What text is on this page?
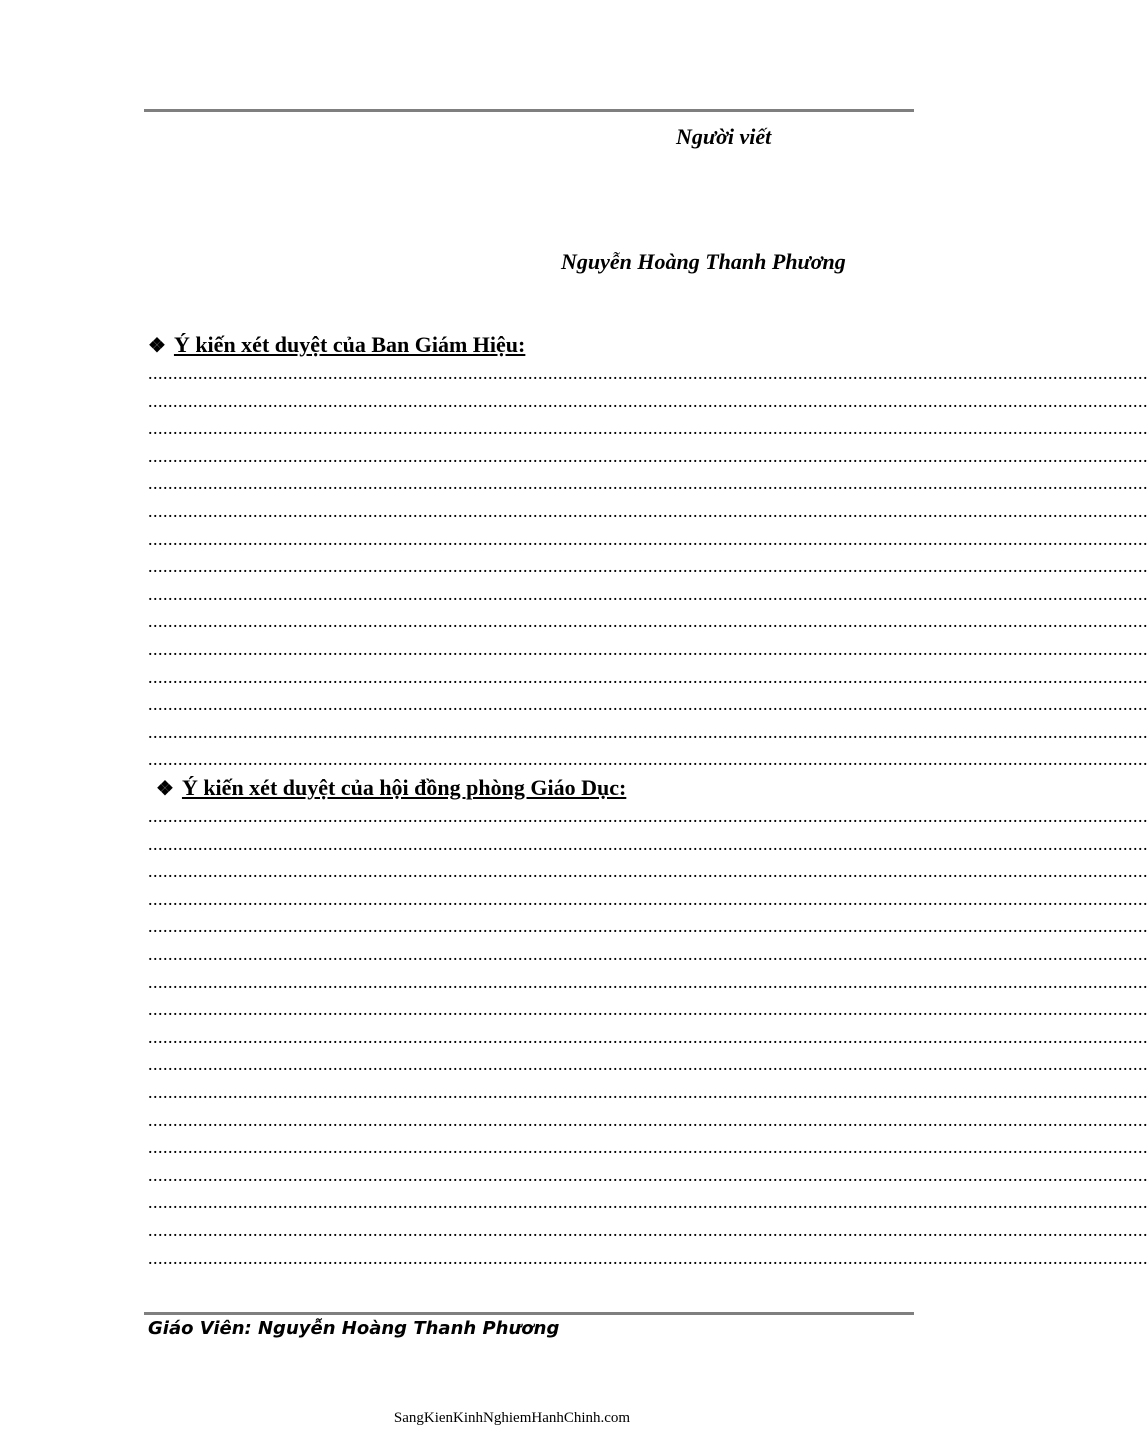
Người viết
Nguyễn Hoàng Thanh Phương
❖ Ý kiến xét duyệt của Ban Giám Hiệu:
........................................................................................................................................................................................................
........................................................................................................................................................................................................
........................................................................................................................................................................................................
........................................................................................................................................................................................................
........................................................................................................................................................................................................
........................................................................................................................................................................................................
........................................................................................................................................................................................................
........................................................................................................................................................................................................
........................................................................................................................................................................................................
........................................................................................................................................................................................................
........................................................................................................................................................................................................
........................................................................................................................................................................................................
........................................................................................................................................................................................................
........................................................................................................................................................................................................
........................................................................................................................................................................................................
❖ Ý kiến xét duyệt của hội đồng phòng Giáo Dục:
........................................................................................................................................................................................................
........................................................................................................................................................................................................
........................................................................................................................................................................................................
........................................................................................................................................................................................................
........................................................................................................................................................................................................
........................................................................................................................................................................................................
........................................................................................................................................................................................................
........................................................................................................................................................................................................
........................................................................................................................................................................................................
........................................................................................................................................................................................................
........................................................................................................................................................................................................
........................................................................................................................................................................................................
........................................................................................................................................................................................................
........................................................................................................................................................................................................
........................................................................................................................................................................................................
........................................................................................................................................................................................................
........................................................................................................................................................................................................
Giáo Viên: Nguyễn Hoàng Thanh Phương
SangKienKinhNghiemHanhChinh.com
